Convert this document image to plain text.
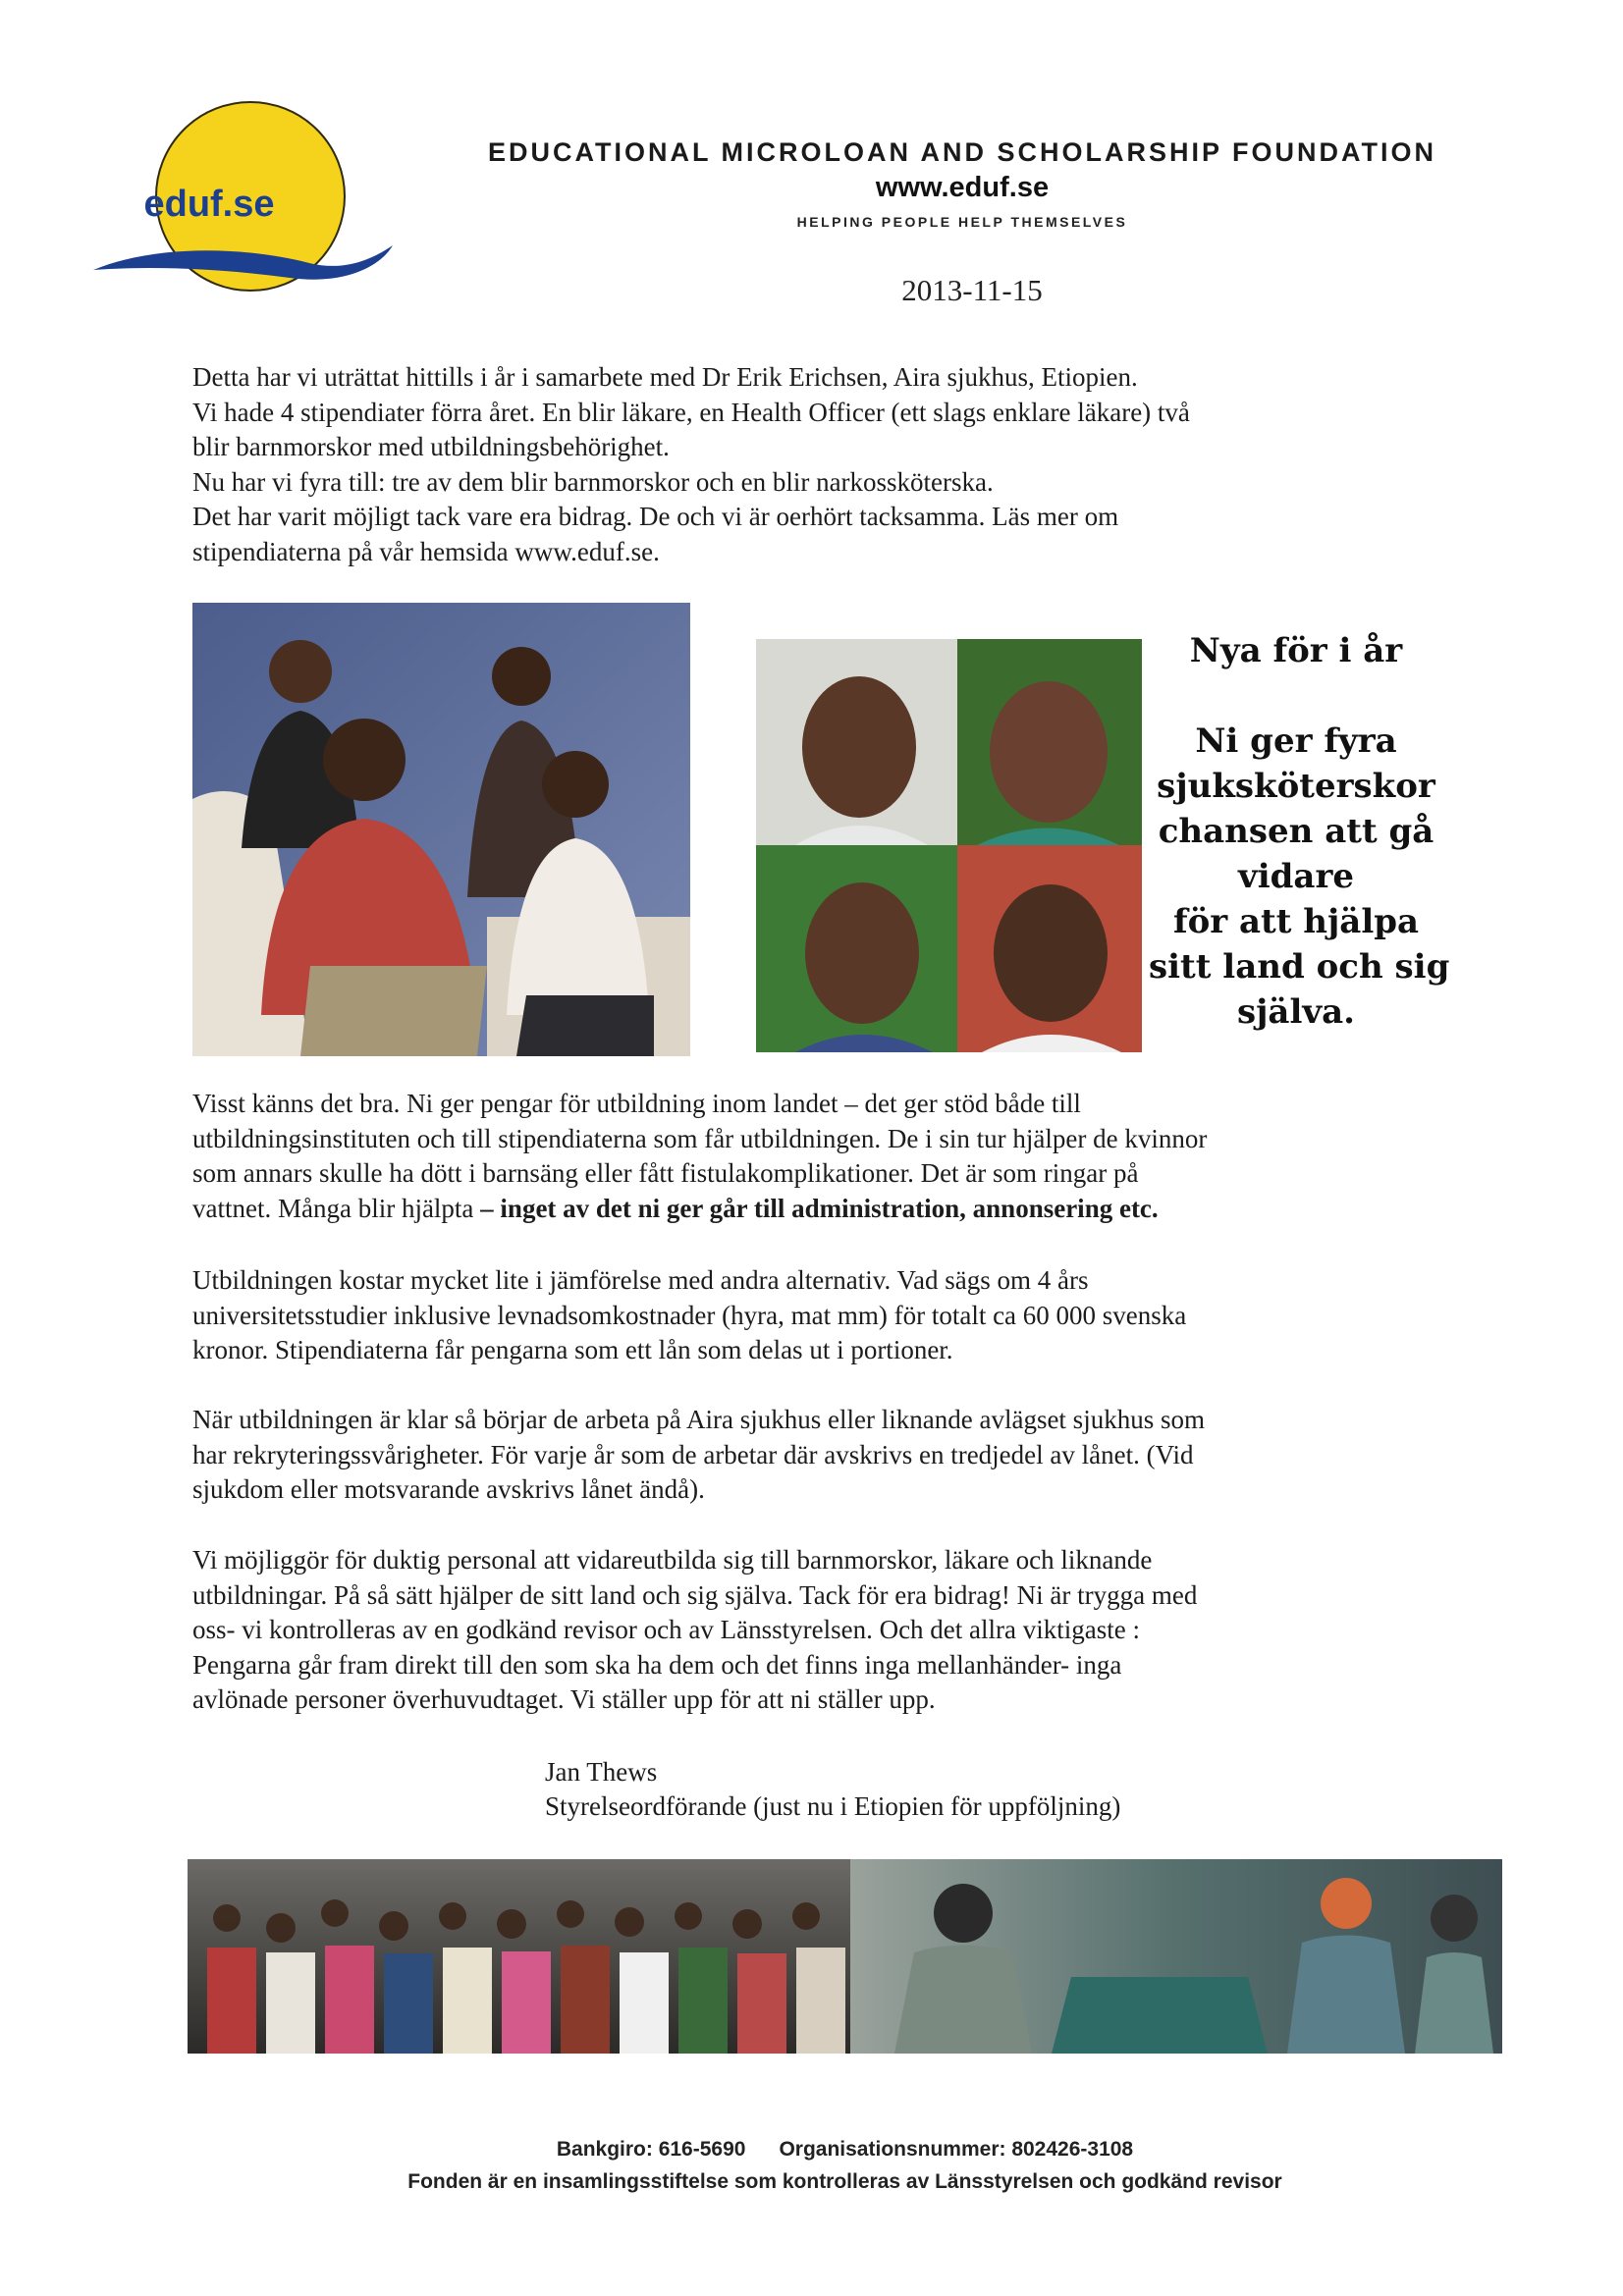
eduf.se
EDUCATIONAL MICROLOAN AND SCHOLARSHIP FOUNDATION
www.eduf.se
HELPING PEOPLE HELP THEMSELVES
2013-11-15

Detta har vi uträttat hittills i år i samarbete med Dr Erik Erichsen, Aira sjukhus, Etiopien.
Vi hade 4 stipendiater förra året. En blir läkare, en Health Officer (ett slags enklare läkare) två
blir barnmorskor med utbildningsbehörighet.
Nu har vi fyra till: tre av dem blir barnmorskor och en blir narkossköterska.
Det har varit möjligt tack vare era bidrag. De och vi är oerhört tacksamma. Läs mer om
stipendiaterna på vår hemsida www.eduf.se.

Nya för i år
Ni ger fyra
sjuksköterskor
chansen att gå
vidare
för att hjälpa
sitt land och sig
själva.

Visst känns det bra. Ni ger pengar för utbildning inom landet – det ger stöd både till
utbildningsinstituten och till stipendiaterna som får utbildningen. De i sin tur hjälper de kvinnor
som annars skulle ha dött i barnsäng eller fått fistulakomplikationer. Det är som ringar på
vattnet. Många blir hjälpta – inget av det ni ger går till administration, annonsering etc.

Utbildningen kostar mycket lite i jämförelse med andra alternativ. Vad sägs om 4 års
universitetsstudier inklusive levnadsomkostnader (hyra, mat mm) för totalt ca 60 000 svenska
kronor. Stipendiaterna får pengarna som ett lån som delas ut i portioner.

När utbildningen är klar så börjar de arbeta på Aira sjukhus eller liknande avlägset sjukhus som
har rekryteringssvårigheter. För varje år som de arbetar där avskrivs en tredjedel av lånet. (Vid
sjukdom eller motsvarande avskrivs lånet ändå).

Vi möjliggör för duktig personal att vidareutbilda sig till barnmorskor, läkare och liknande
utbildningar. På så sätt hjälper de sitt land och sig själva. Tack för era bidrag! Ni är trygga med
oss- vi kontrolleras av en godkänd revisor och av Länsstyrelsen. Och det allra viktigaste :
Pengarna går fram direkt till den som ska ha dem och det finns inga mellanhänder- inga
avlönade personer överhuvudtaget. Vi ställer upp för att ni ställer upp.

Jan Thews
Styrelseordförande (just nu i Etiopien för uppföljning)
Bankgiro: 616-5690 Organisationsnummer: 802426-3108
Fonden är en insamlingsstiftelse som kontrolleras av Länsstyrelsen och godkänd revisor
